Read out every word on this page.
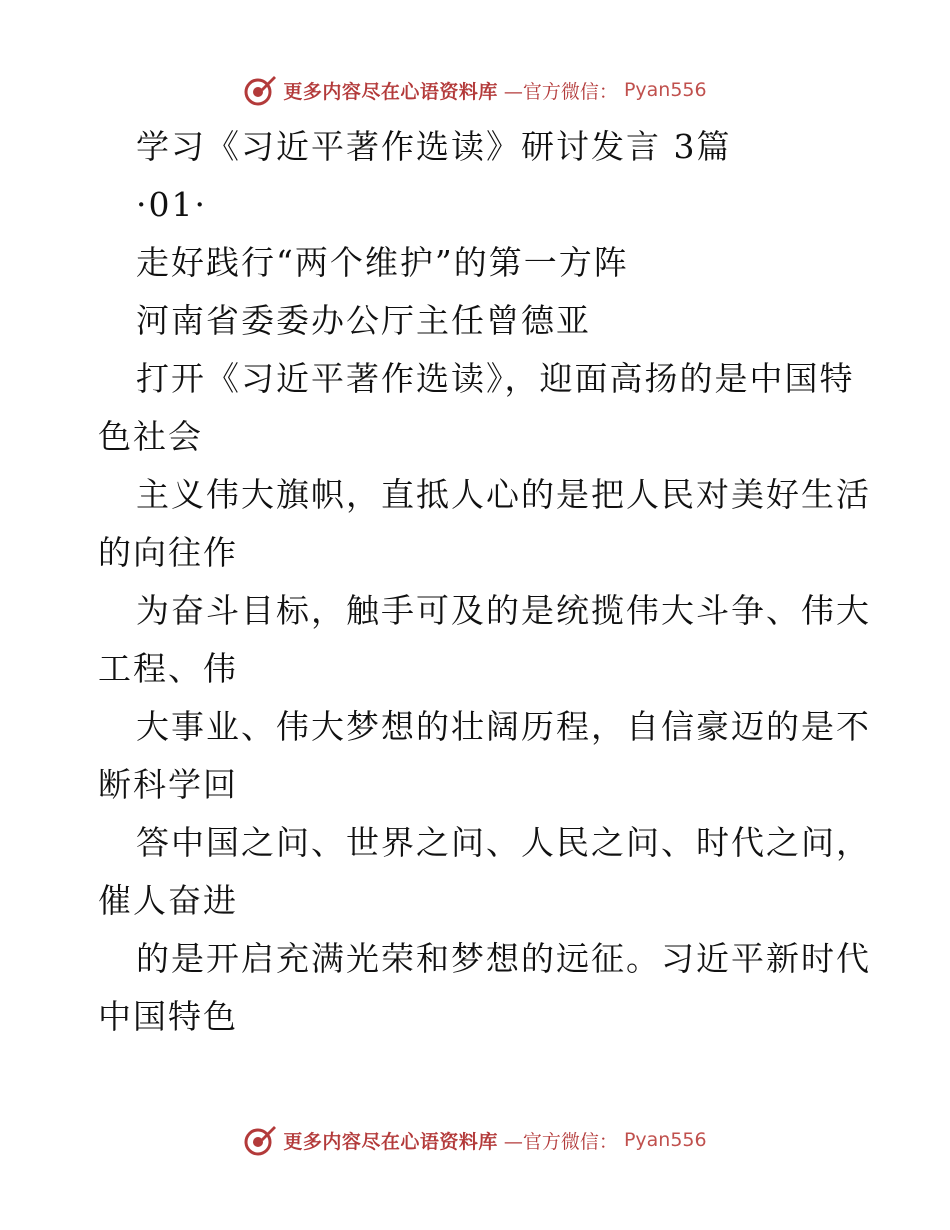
更多内容尽在心语资料库 —官方微信： Pyan556
学习《习近平著作选读》研讨发言 3篇
·01·
走好践行“两个维护”的第一方阵
河南省委委办公厅主任曾德亚
打开《习近平著作选读》，迎面高扬的是中国特
色社会
主义伟大旗帜，直抵人心的是把人民对美好生活
的向往作
为奋斗目标，触手可及的是统揽伟大斗争、伟大
工程、伟
大事业、伟大梦想的壮阔历程，自信豪迈的是不
断科学回
答中国之问、世界之问、人民之问、时代之问，
催人奋进
的是开启充满光荣和梦想的远征。习近平新时代
中国特色
更多内容尽在心语资料库 —官方微信： Pyan556
